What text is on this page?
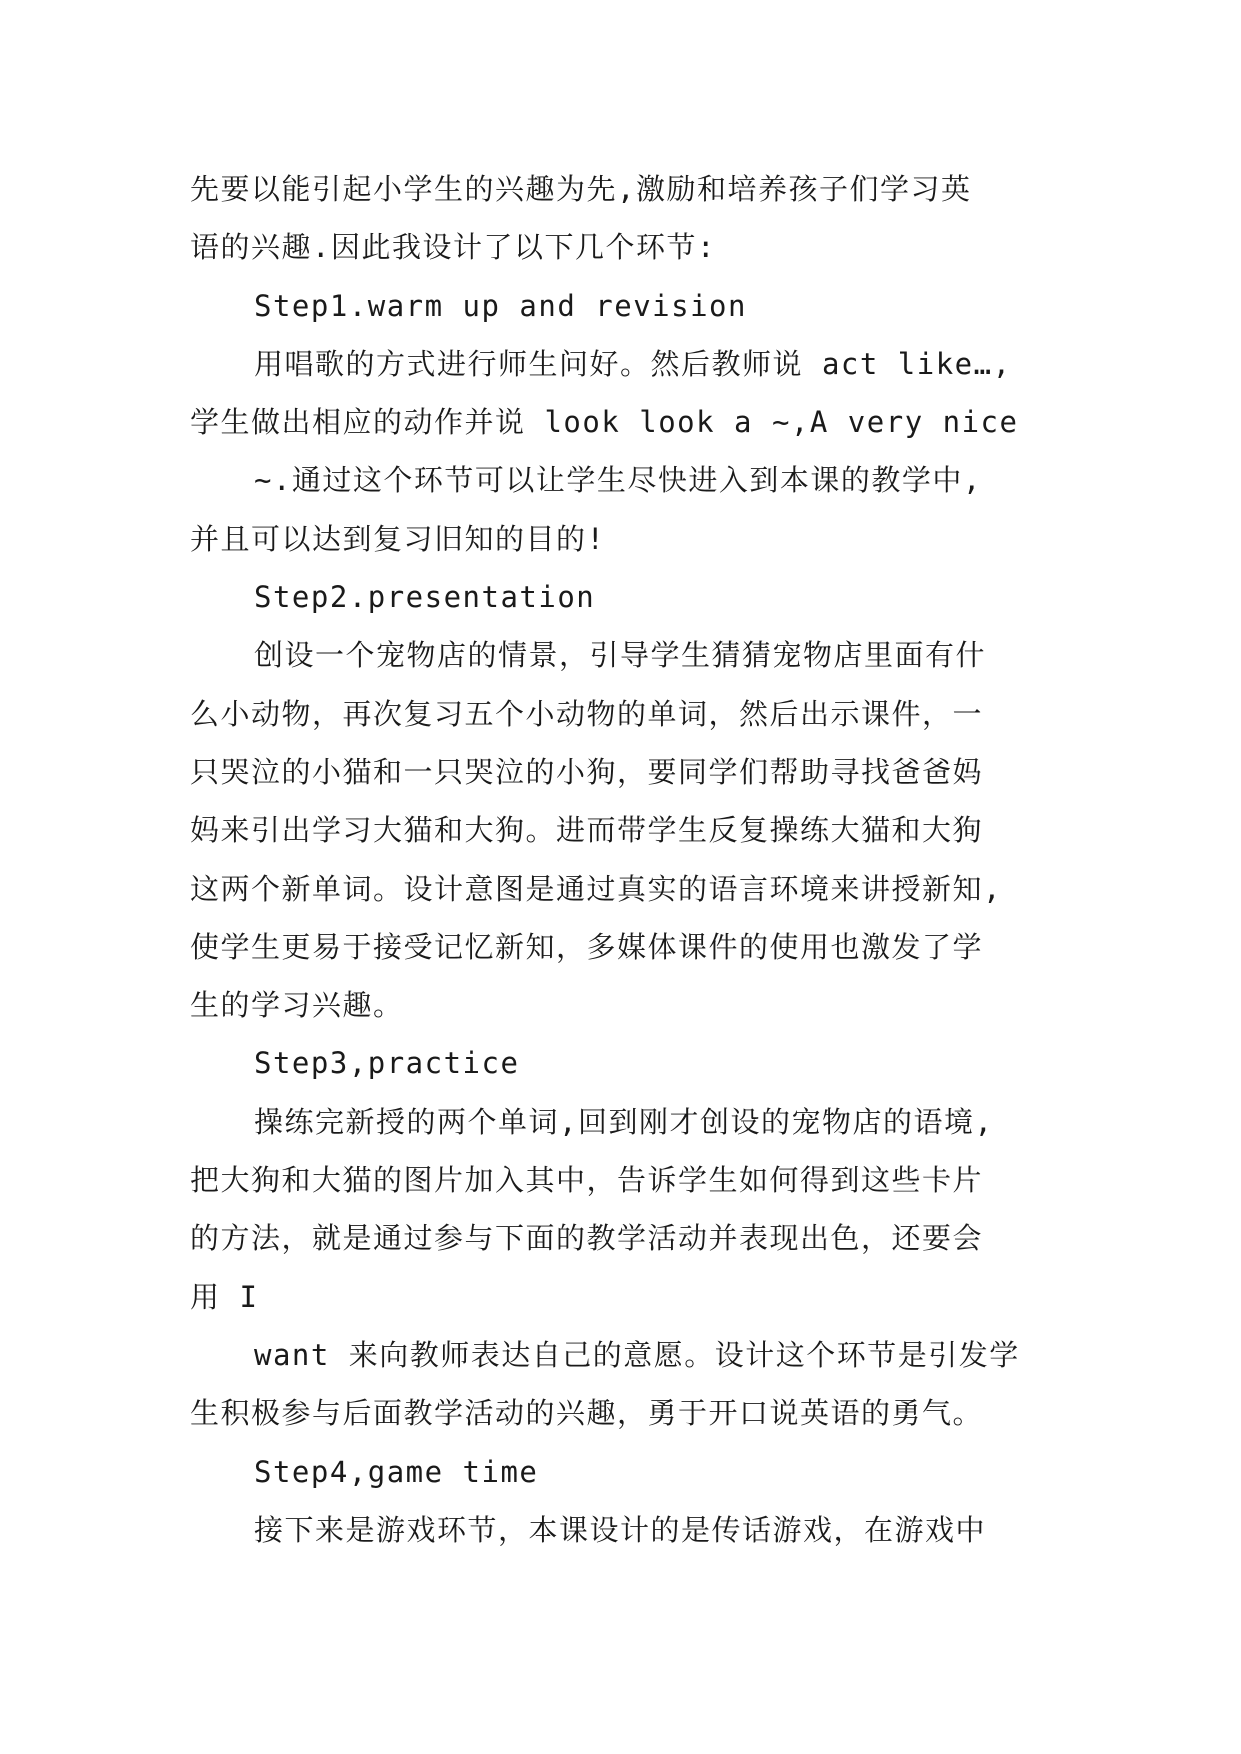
先要以能引起小学生的兴趣为先,激励和培养孩子们学习英
语的兴趣.因此我设计了以下几个环节:
Step1.warm up and revision
用唱歌的方式进行师生问好。然后教师说 act like…,
学生做出相应的动作并说 look look a ~,A very nice
~.通过这个环节可以让学生尽快进入到本课的教学中,
并且可以达到复习旧知的目的!
Step2.presentation
创设一个宠物店的情景，引导学生猜猜宠物店里面有什
么小动物，再次复习五个小动物的单词，然后出示课件，一
只哭泣的小猫和一只哭泣的小狗，要同学们帮助寻找爸爸妈
妈来引出学习大猫和大狗。进而带学生反复操练大猫和大狗
这两个新单词。设计意图是通过真实的语言环境来讲授新知,
使学生更易于接受记忆新知，多媒体课件的使用也激发了学
生的学习兴趣。
Step3,practice
操练完新授的两个单词,回到刚才创设的宠物店的语境,
把大狗和大猫的图片加入其中，告诉学生如何得到这些卡片
的方法，就是通过参与下面的教学活动并表现出色，还要会
用 I
want 来向教师表达自己的意愿。设计这个环节是引发学
生积极参与后面教学活动的兴趣，勇于开口说英语的勇气。
Step4,game time
接下来是游戏环节，本课设计的是传话游戏，在游戏中
